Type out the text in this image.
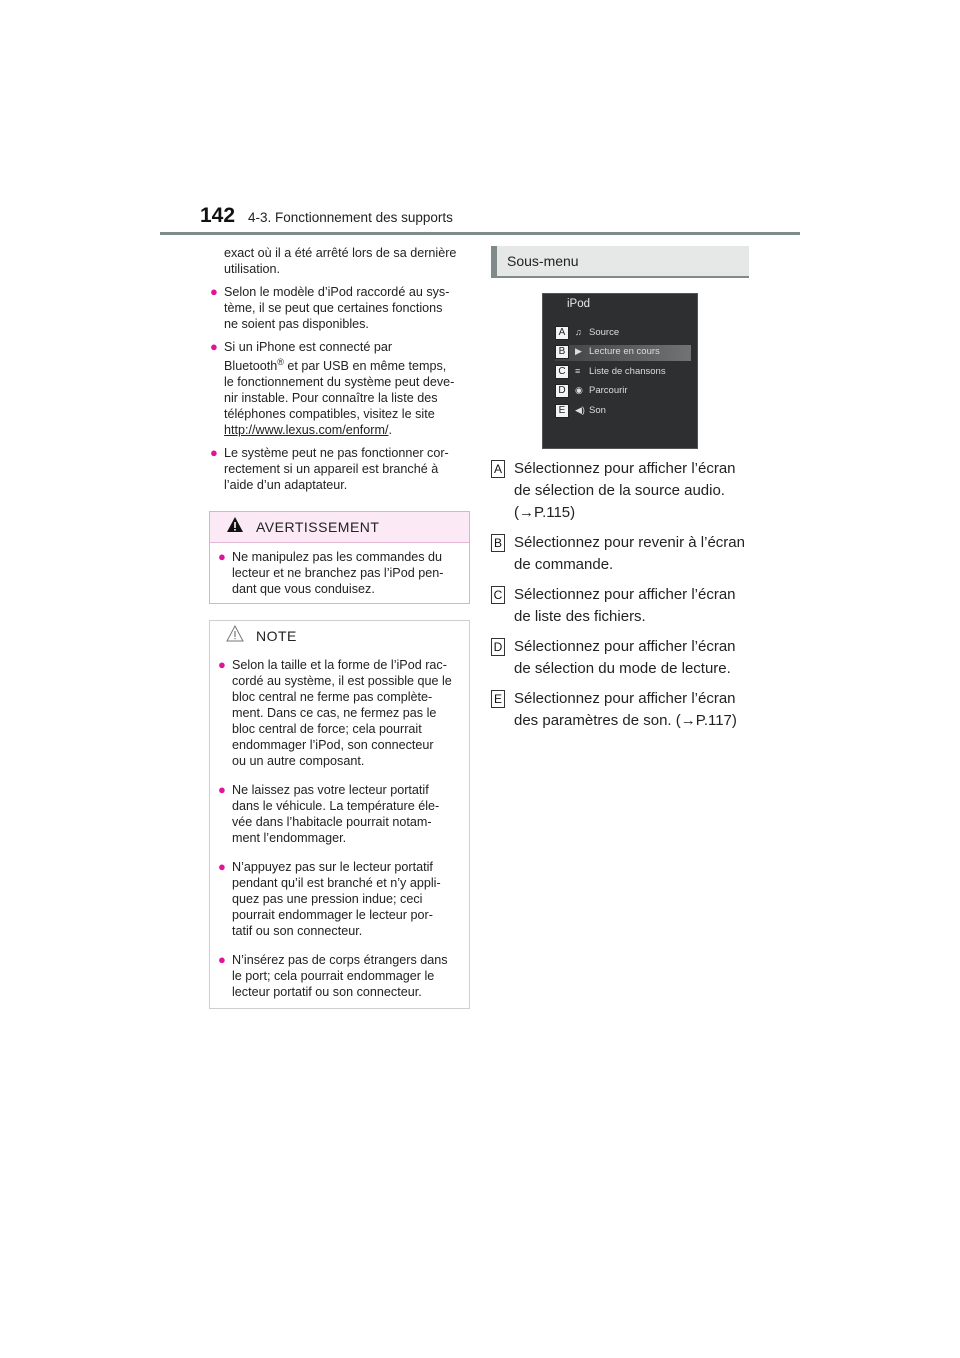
142 4-3. Fonctionnement des supports
exact où il a été arrêté lors de sa dernière
utilisation.
● Selon le modèle d’iPod raccordé au sys-
tème, il se peut que certaines fonctions
ne soient pas disponibles.
● Si un iPhone est connecté par
Bluetooth® et par USB en même temps,
le fonctionnement du système peut deve-
nir instable. Pour connaître la liste des
téléphones compatibles, visitez le site
http://www.lexus.com/enform/.
● Le système peut ne pas fonctionner cor-
rectement si un appareil est branché à
l’aide d’un adaptateur.
AVERTISSEMENT
● Ne manipulez pas les commandes du
lecteur et ne branchez pas l’iPod pen-
dant que vous conduisez.
NOTE
● Selon la taille et la forme de l’iPod rac-
cordé au système, il est possible que le
bloc central ne ferme pas complète-
ment. Dans ce cas, ne fermez pas le
bloc central de force; cela pourrait
endommager l’iPod, son connecteur
ou un autre composant.
● Ne laissez pas votre lecteur portatif
dans le véhicule. La température éle-
vée dans l’habitacle pourrait notam-
ment l’endommager.
● N’appuyez pas sur le lecteur portatif
pendant qu’il est branché et n’y appli-
quez pas une pression indue; ceci
pourrait endommager le lecteur por-
tatif ou son connecteur.
● N’insérez pas de corps étrangers dans
le port; cela pourrait endommager le
lecteur portatif ou son connecteur.
Sous-menu
iPod
A	♫ Source
B	▶ Lecture en cours
C	≡ Liste de chansons
D	◉ Parcourir
E	◀) Son
A Sélectionnez pour afficher l’écran
de sélection de la source audio.
(→P.115)
B Sélectionnez pour revenir à l’écran
de commande.
C Sélectionnez pour afficher l’écran
de liste des fichiers.
D Sélectionnez pour afficher l’écran
de sélection du mode de lecture.
E Sélectionnez pour afficher l’écran
des paramètres de son. (→P.117)
